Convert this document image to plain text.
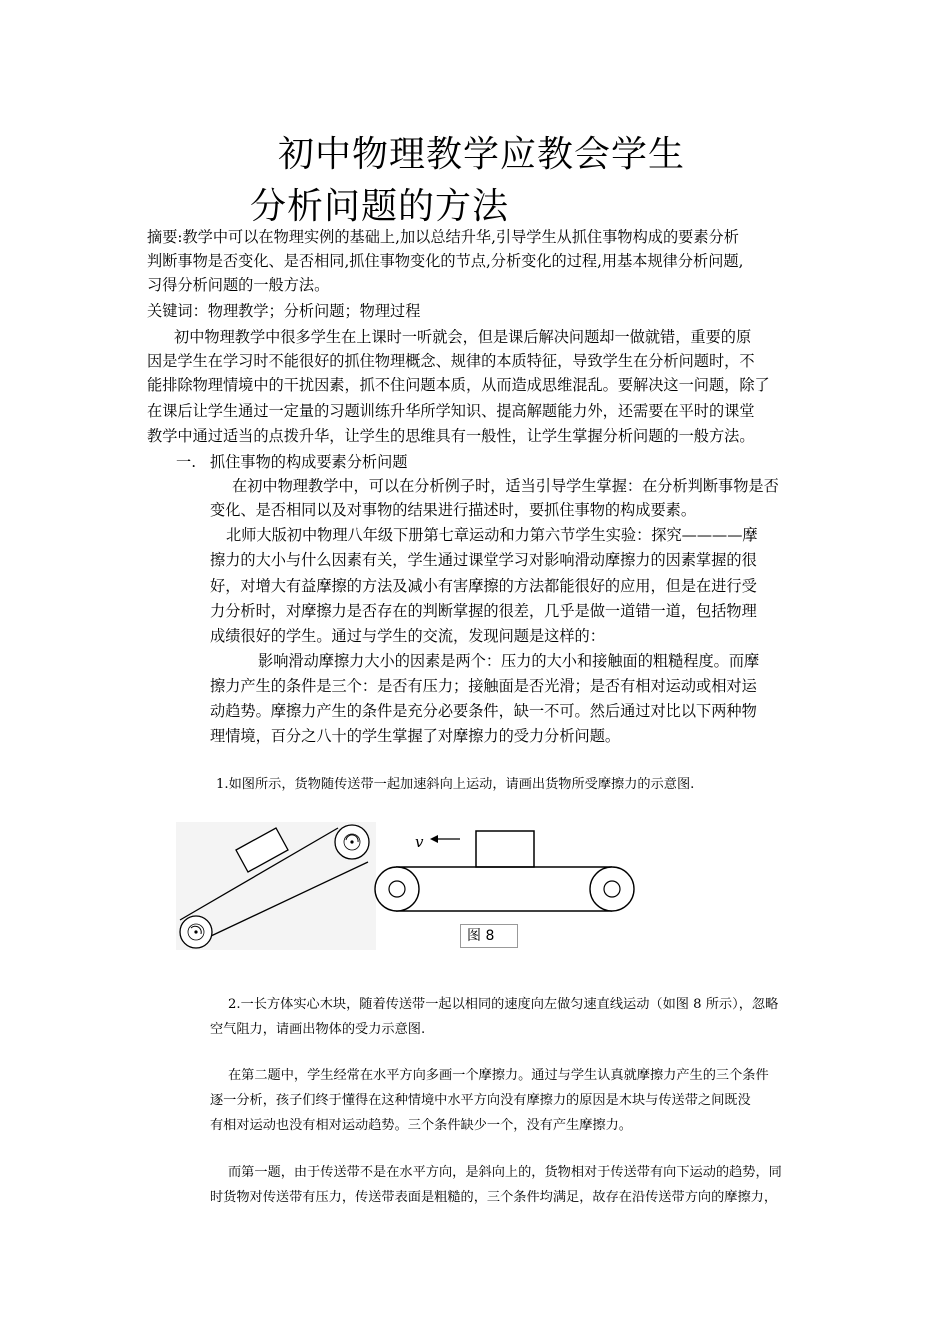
初中物理教学应教会学生
分析问题的方法
摘要:教学中可以在物理实例的基础上,加以总结升华,引导学生从抓住事物构成的要素分析
判断事物是否变化、是否相同,抓住事物变化的节点,分析变化的过程,用基本规律分析问题,
习得分析问题的一般方法。
关键词：物理教学；分析问题；物理过程
初中物理教学中很多学生在上课时一听就会，但是课后解决问题却一做就错，重要的原
因是学生在学习时不能很好的抓住物理概念、规律的本质特征，导致学生在分析问题时，不
能排除物理情境中的干扰因素，抓不住问题本质，从而造成思维混乱。要解决这一问题，除了
在课后让学生通过一定量的习题训练升华所学知识、提高解题能力外，还需要在平时的课堂
教学中通过适当的点拨升华，让学生的思维具有一般性，让学生掌握分析问题的一般方法。
一. 抓住事物的构成要素分析问题
在初中物理教学中，可以在分析例子时，适当引导学生掌握：在分析判断事物是否
变化、是否相同以及对事物的结果进行描述时，要抓住事物的构成要素。
北师大版初中物理八年级下册第七章运动和力第六节学生实验：探究————摩
擦力的大小与什么因素有关，学生通过课堂学习对影响滑动摩擦力的因素掌握的很
好，对增大有益摩擦的方法及减小有害摩擦的方法都能很好的应用，但是在进行受
力分析时，对摩擦力是否存在的判断掌握的很差，几乎是做一道错一道，包括物理
成绩很好的学生。通过与学生的交流，发现问题是这样的：
影响滑动摩擦力大小的因素是两个：压力的大小和接触面的粗糙程度。而摩
擦力产生的条件是三个：是否有压力；接触面是否光滑；是否有相对运动或相对运
动趋势。摩擦力产生的条件是充分必要条件，缺一不可。然后通过对比以下两种物
理情境，百分之八十的学生掌握了对摩擦力的受力分析问题。
1.如图所示，货物随传送带一起加速斜向上运动，请画出货物所受摩擦力的示意图.
v
图 8
2.一长方体实心木块，随着传送带一起以相同的速度向左做匀速直线运动（如图 8 所示），忽略
空气阻力，请画出物体的受力示意图.
在第二题中，学生经常在水平方向多画一个摩擦力。通过与学生认真就摩擦力产生的三个条件
逐一分析，孩子们终于懂得在这种情境中水平方向没有摩擦力的原因是木块与传送带之间既没
有相对运动也没有相对运动趋势。三个条件缺少一个，没有产生摩擦力。
而第一题，由于传送带不是在水平方向，是斜向上的，货物相对于传送带有向下运动的趋势，同
时货物对传送带有压力，传送带表面是粗糙的，三个条件均满足，故存在沿传送带方向的摩擦力，
